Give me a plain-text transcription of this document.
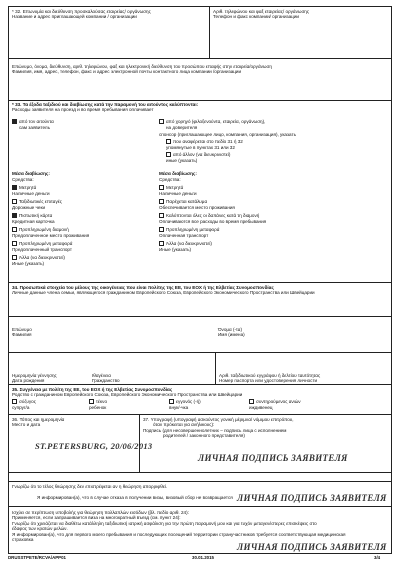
* 32. Επωνυμία και διεύθυνση προσκαλούσας εταιρείας/ οργάνωσης
Название и адрес приглашающей компании / организации
Αριθ. τηλεφώνου και φαξ εταιρείας/ οργάνωσης
Телефон и факс компании/ организации
Επώνυμο, όνομα, διεύθυνση, αριθ. τηλεφώνου, φαξ και ηλεκτρονική διεύθυνση του προσώπου επαφής στην εταιρεία/οργάνωση
Фамилия, имя, адрес, телефон, факс и адрес электронной почты контактного лица компании /организации
* 33. Τα έξοδα ταξιδιού και διαβίωσης κατά την παραμονή του αιτούντος καλύπτονται:
Расходы заявителя на проезд и во время пребывания оплачивает
από τον αιτούντα
сам заявитель
Μέσα διαβίωσης:
Средства:
Μετρητά
Наличные деньги
Ταξιδιωτικές επιταγές
Дорожные чеки
Πιστωτική κάρτα
Кредитная карточка
Προπληρωμένη διαμονή
Предоплаченное место проживания
Προπληρωμένη μεταφορά
Предоплаченный транспорт
Άλλα (να διευκρινιστεί)
Иные (указать)
από χορηγό (φιλοξενούντα, εταιρεία, οργάνωση),
на доверителя
спонсор (приглашающее лицо, компания, организация), указать
που αναφέρεται στο πεδίο 31 ή 32
упомянутые в пунктах 31 или 32
από άλλον (να διευκρινιστεί)
иные (указать)
Μέσα διαβίωσης:
Средства:
Μετρητά
Наличные деньги
Παρέχεται κατάλυμα
Обеспечивается место проживания
Καλύπτονται όλες οι δαπάνες κατά τη διαμονή
Оплачиваются все расходы во время пребывания
Προπληρωμένη μεταφορά
Оплаченная транспорт
Άλλα (να διευκρινιστεί)
Иные (указать)
34. Προσωπικά στοιχεία του μέλους της οικογένειας που είναι πολίτης της ΕΕ, του ΕΟΧ ή της Ελβετίας Συνομοσπονδίας
Личные данные члена семьи, являющегося гражданином Европейского Союза, Европейского Экономического Пространства или Швейцарии
Επώνυμο
Фамилия
Όνομα (-τα)
Имя (имена)
Ημερομηνία γέννησης
Дата рождения
Ιθαγένεια
Гражданство
Αριθ. ταξιδιωτικού εγγράφου ή δελτίου ταυτότητας
Номер паспорта или удостоверения личности
35. Συγγένεια με πολίτη της ΕΕ, του ΕΟΧ ή της Ελβετίας Συνομοσπονδίας
Родство с гражданином Европейского Союза, Европейского Экономического Пространства или Швейцарии
σύζυγος
супруг/а
τέκνο
ребенок
εγγονός (-ή)
внук/-чка
συντηρούμενος ανιών
иждивенец
36. Τόπος και ημερομηνία
Место и дата
ST.PETERSBURG, 20/06/2013
37. Υπογραφή (υπογραφή ασκούντος γονική μέριμνα/ νόμιμου επιτρόπου,
όταν πρόκειται για ανήλικους):
Подпись (для несовершеннолетних – подпись лица с исполнением
родителей / законного представителя)
ЛИЧНАЯ ПОДПИСЬ ЗАЯВИТЕЛЯ
Γνωρίζω ότι το τέλος θεώρησης δεν επιστρέφεται αν η θεώρηση απορριφθεί.
Я информирован(а), что в случае отказа в получении визы, визовый сбор не возвращается ЛИЧНАЯ ПОДПИСЬ ЗАЯВИТЕЛЯ
Ισχύει σε περίπτωση υποβολής για θεώρηση πολλαπλών εισόδων (βλ. πεδίο αριθ. 24):
Применяется, если запрашивается виза на многократный въезд (см. пункт 24):
Γνωρίζω ότι χρειάζεται να διαθέτω κατάλληλη ταξιδιωτική ιατρική ασφάλιση για την πρώτη παραμονή μου και για τυχόν μεταγενέστερες επισκέψεις στο
έδαφος των κρατών μελών.
Я информирован(а), что для первого моего пребывания и последующих посещений территории странучастников требуется соответствующая медицинская
страховка
ЛИЧНАЯ ПОДПИСЬ ЗАЯВИТЕЛЯ
DRUSSTPETE/RCVA/APP01	30.01.2015	3/4
